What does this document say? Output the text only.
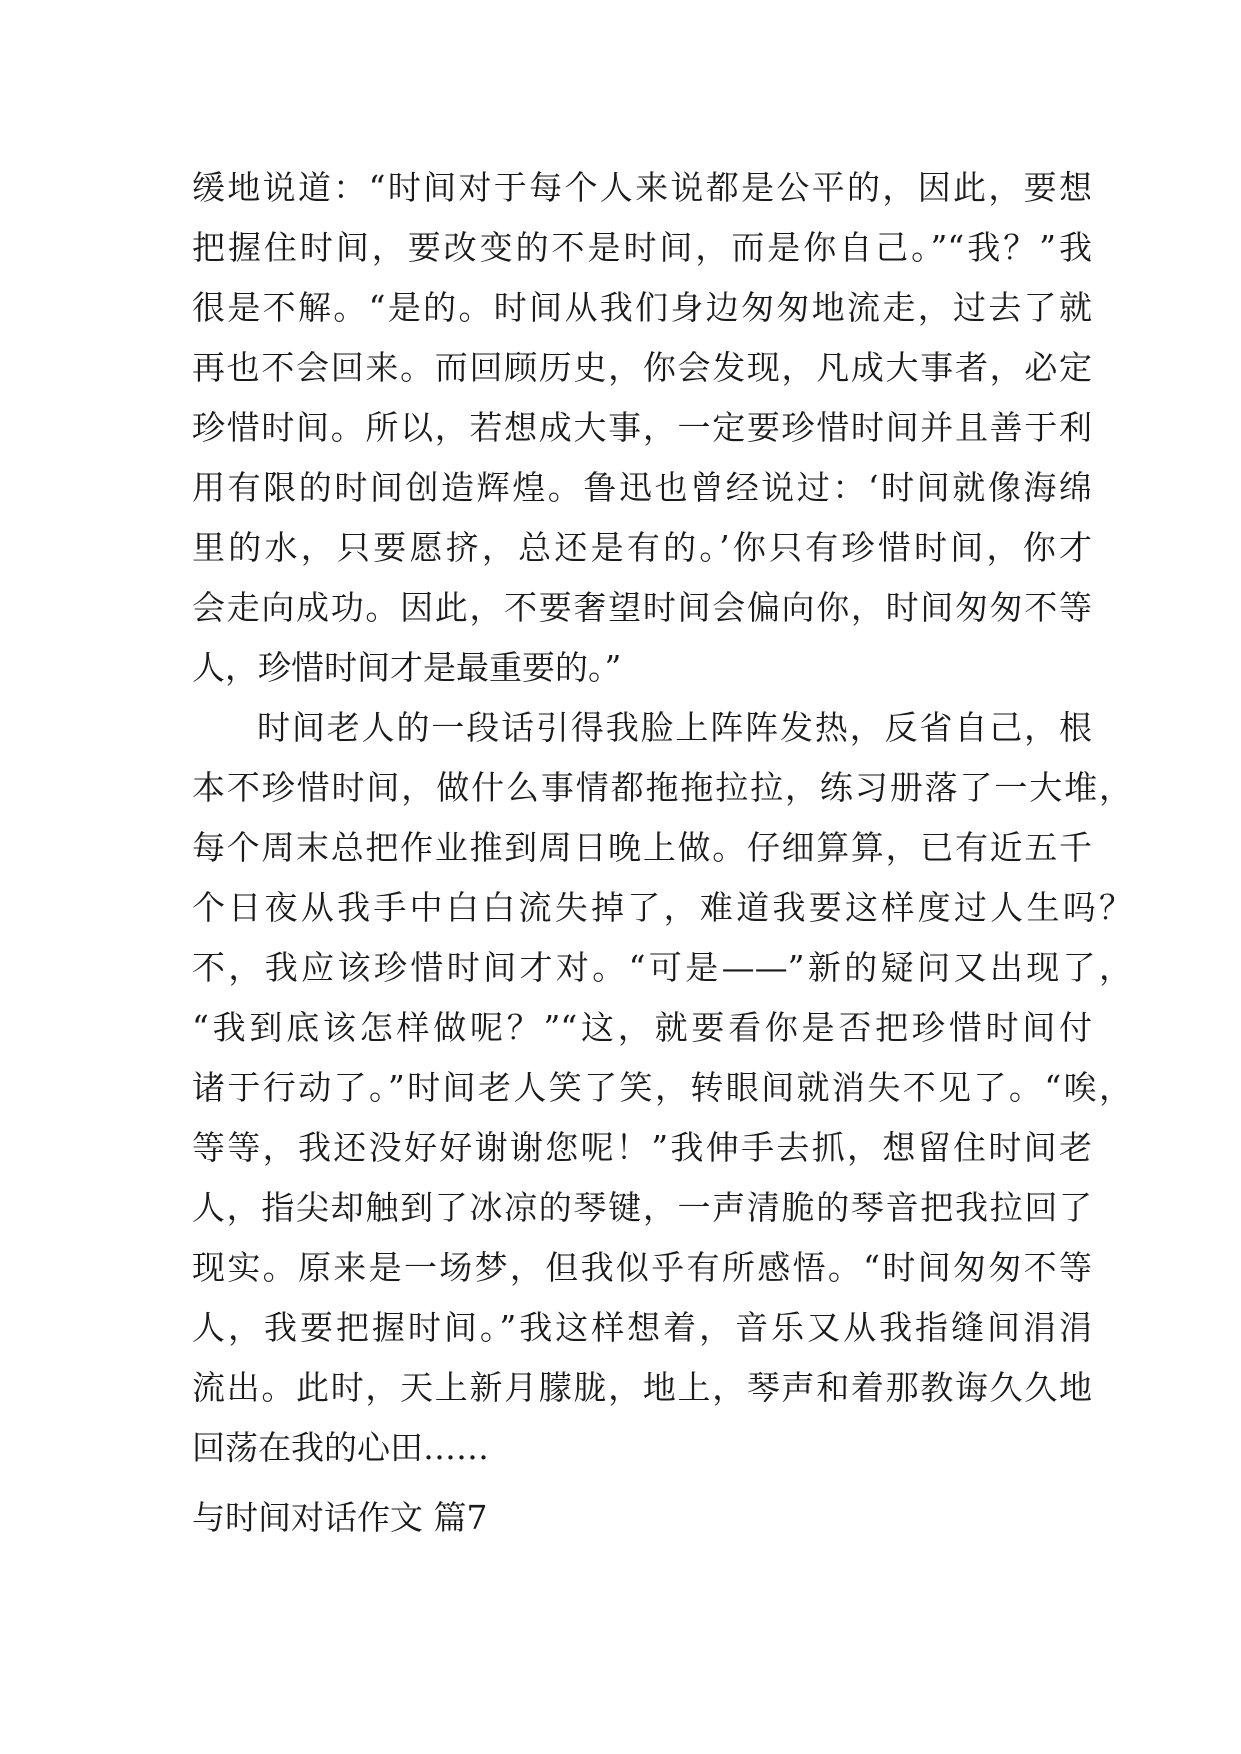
缓地说道：“时间对于每个人来说都是公平的，因此，要想
把握住时间，要改变的不是时间，而是你自己。”“我？”我
很是不解。“是的。时间从我们身边匆匆地流走，过去了就
再也不会回来。而回顾历史，你会发现，凡成大事者，必定
珍惜时间。所以，若想成大事，一定要珍惜时间并且善于利
用有限的时间创造辉煌。鲁迅也曾经说过：‘时间就像海绵
里的水，只要愿挤，总还是有的。’你只有珍惜时间，你才
会走向成功。因此，不要奢望时间会偏向你，时间匆匆不等
人，珍惜时间才是最重要的。”
时间老人的一段话引得我脸上阵阵发热，反省自己，根
本不珍惜时间，做什么事情都拖拖拉拉，练习册落了一大堆，
每个周末总把作业推到周日晚上做。仔细算算，已有近五千
个日夜从我手中白白流失掉了，难道我要这样度过人生吗？
不，我应该珍惜时间才对。“可是——”新的疑问又出现了，
“我到底该怎样做呢？”“这，就要看你是否把珍惜时间付
诸于行动了。”时间老人笑了笑，转眼间就消失不见了。“唉，
等等，我还没好好谢谢您呢！”我伸手去抓，想留住时间老
人，指尖却触到了冰凉的琴键，一声清脆的琴音把我拉回了
现实。原来是一场梦，但我似乎有所感悟。“时间匆匆不等
人，我要把握时间。”我这样想着，音乐又从我指缝间涓涓
流出。此时，天上新月朦胧，地上，琴声和着那教诲久久地
回荡在我的心田……
与时间对话作文 篇7
